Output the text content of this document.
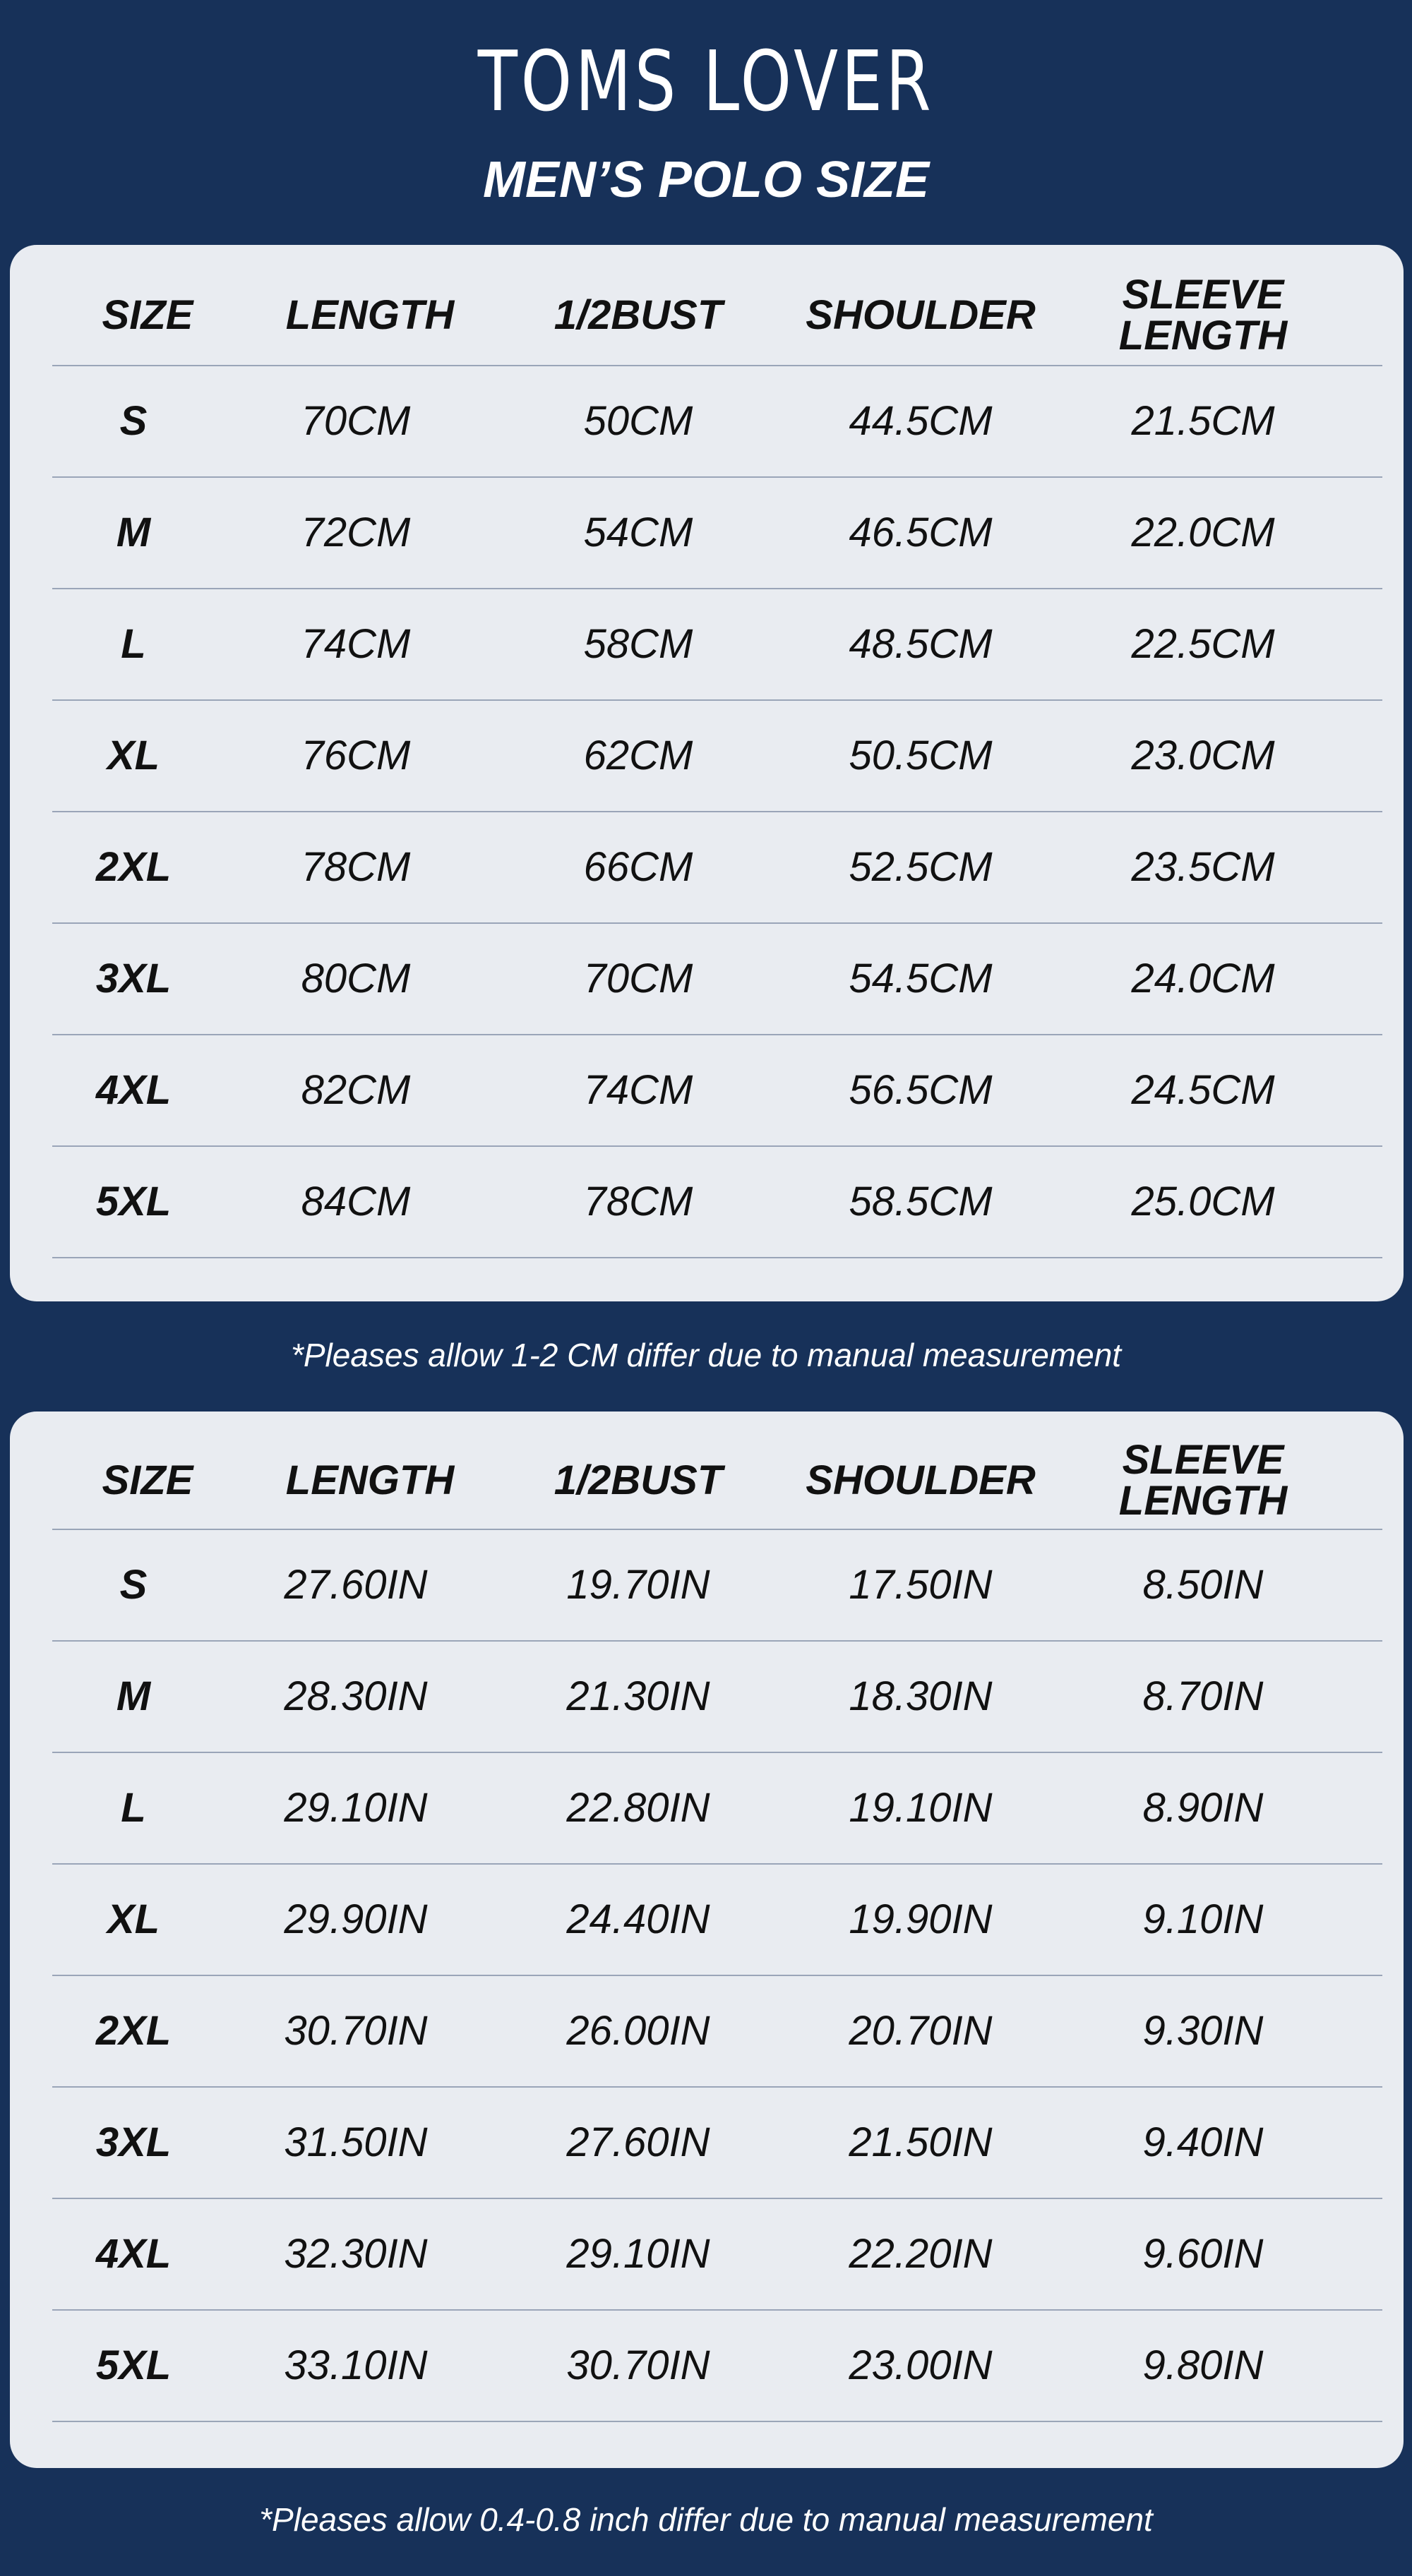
TOMS LOVER
MEN’S POLO SIZE
SIZE	LENGTH	1/2BUST	SHOULDER	SLEEVE
LENGTH
S	70CM	50CM	44.5CM	21.5CM
M	72CM	54CM	46.5CM	22.0CM
L	74CM	58CM	48.5CM	22.5CM
XL	76CM	62CM	50.5CM	23.0CM
2XL	78CM	66CM	52.5CM	23.5CM
3XL	80CM	70CM	54.5CM	24.0CM
4XL	82CM	74CM	56.5CM	24.5CM
5XL	84CM	78CM	58.5CM	25.0CM
*Pleases allow 1-2 CM differ due to manual measurement
SIZE	LENGTH	1/2BUST	SHOULDER	SLEEVE
LENGTH
S	27.60IN	19.70IN	17.50IN	8.50IN
M	28.30IN	21.30IN	18.30IN	8.70IN
L	29.10IN	22.80IN	19.10IN	8.90IN
XL	29.90IN	24.40IN	19.90IN	9.10IN
2XL	30.70IN	26.00IN	20.70IN	9.30IN
3XL	31.50IN	27.60IN	21.50IN	9.40IN
4XL	32.30IN	29.10IN	22.20IN	9.60IN
5XL	33.10IN	30.70IN	23.00IN	9.80IN
*Pleases allow 0.4-0.8 inch differ due to manual measurement
